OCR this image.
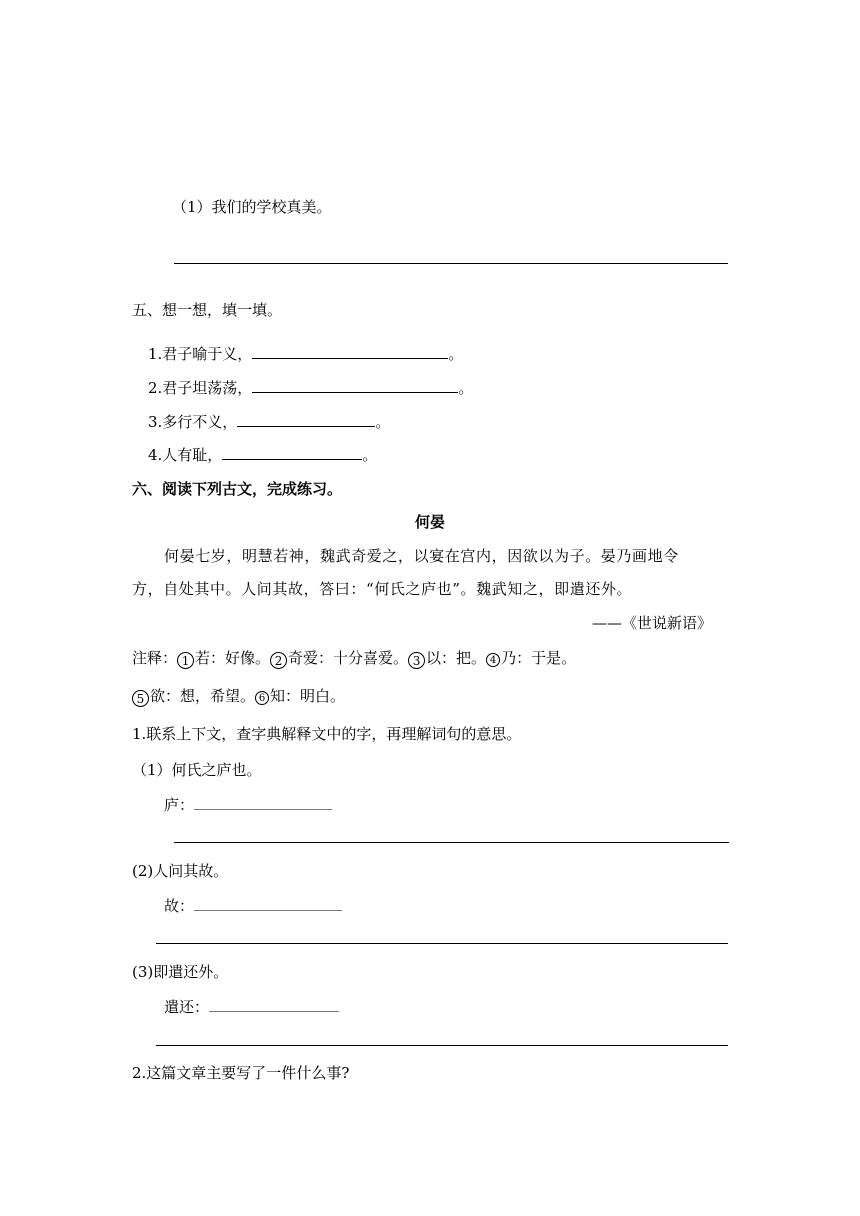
（1）我们的学校真美。
五、想一想，填一填。
1.君子喻于义，	。
2.君子坦荡荡，	。
3.多行不义，	。
4.人有耻，	。
六、阅读下列古文，完成练习。
何晏
何晏七岁，明慧若神，魏武奇爱之，以宴在宫内，因欲以为子。晏乃画地令
方，自处其中。人问其故，答曰：“何氏之庐也”。魏武知之，即遣还外。
——《世说新语》
注释： 1 若：好像。 2 奇爱：十分喜爱。 3 以：把。 4 乃：于是。
5 欲：想，希望。 6 知：明白。
1.联系上下文，查字典解释文中的字，再理解词句的意思。
（1）何氏之庐也。
庐：
(2)人问其故。
故：
(3)即遣还外。
遣还：
2.这篇文章主要写了一件什么事?
